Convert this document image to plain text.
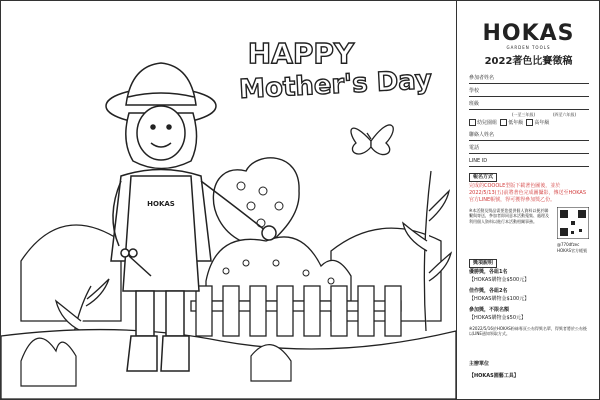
HAPPY
Mother's Day
HOKAS
HOKAS
GARDEN TOOLS
2022著色比賽徵稿
參加者姓名
學校
班級
(一至三年級)	(四至六年級)
幼兒園組 低年級 高年級
聯絡人姓名
電話
LINE ID
報名方式
完成的COOOLE型版下載著色圖後，並於2022/5/13(五)前將著色完成圖攝影，傳送至HOKAS官方LINE帳號，得可獲得參加獎乙份。
※本活動及獎品需要您提供個人資料以便於聯繫與寄送，參加者即同意本活動蒐集、處理及利用個人資料以進行本活動相關事務。
@770dfzec
HOKAS官方帳號
獎項說明
優勝獎，各組1名
【HOKAS購物金$500元】
佳作獎，各組2名
【HOKAS購物金$100元】
參加獎，不限名額
【HOKAS購物金$50元】
※2022/5/16於HOKAS粉絲專頁公布得獎名單，得獎者將於公布後以LINE通知領取方式。
主辦單位
【HOKAS園藝工具】
